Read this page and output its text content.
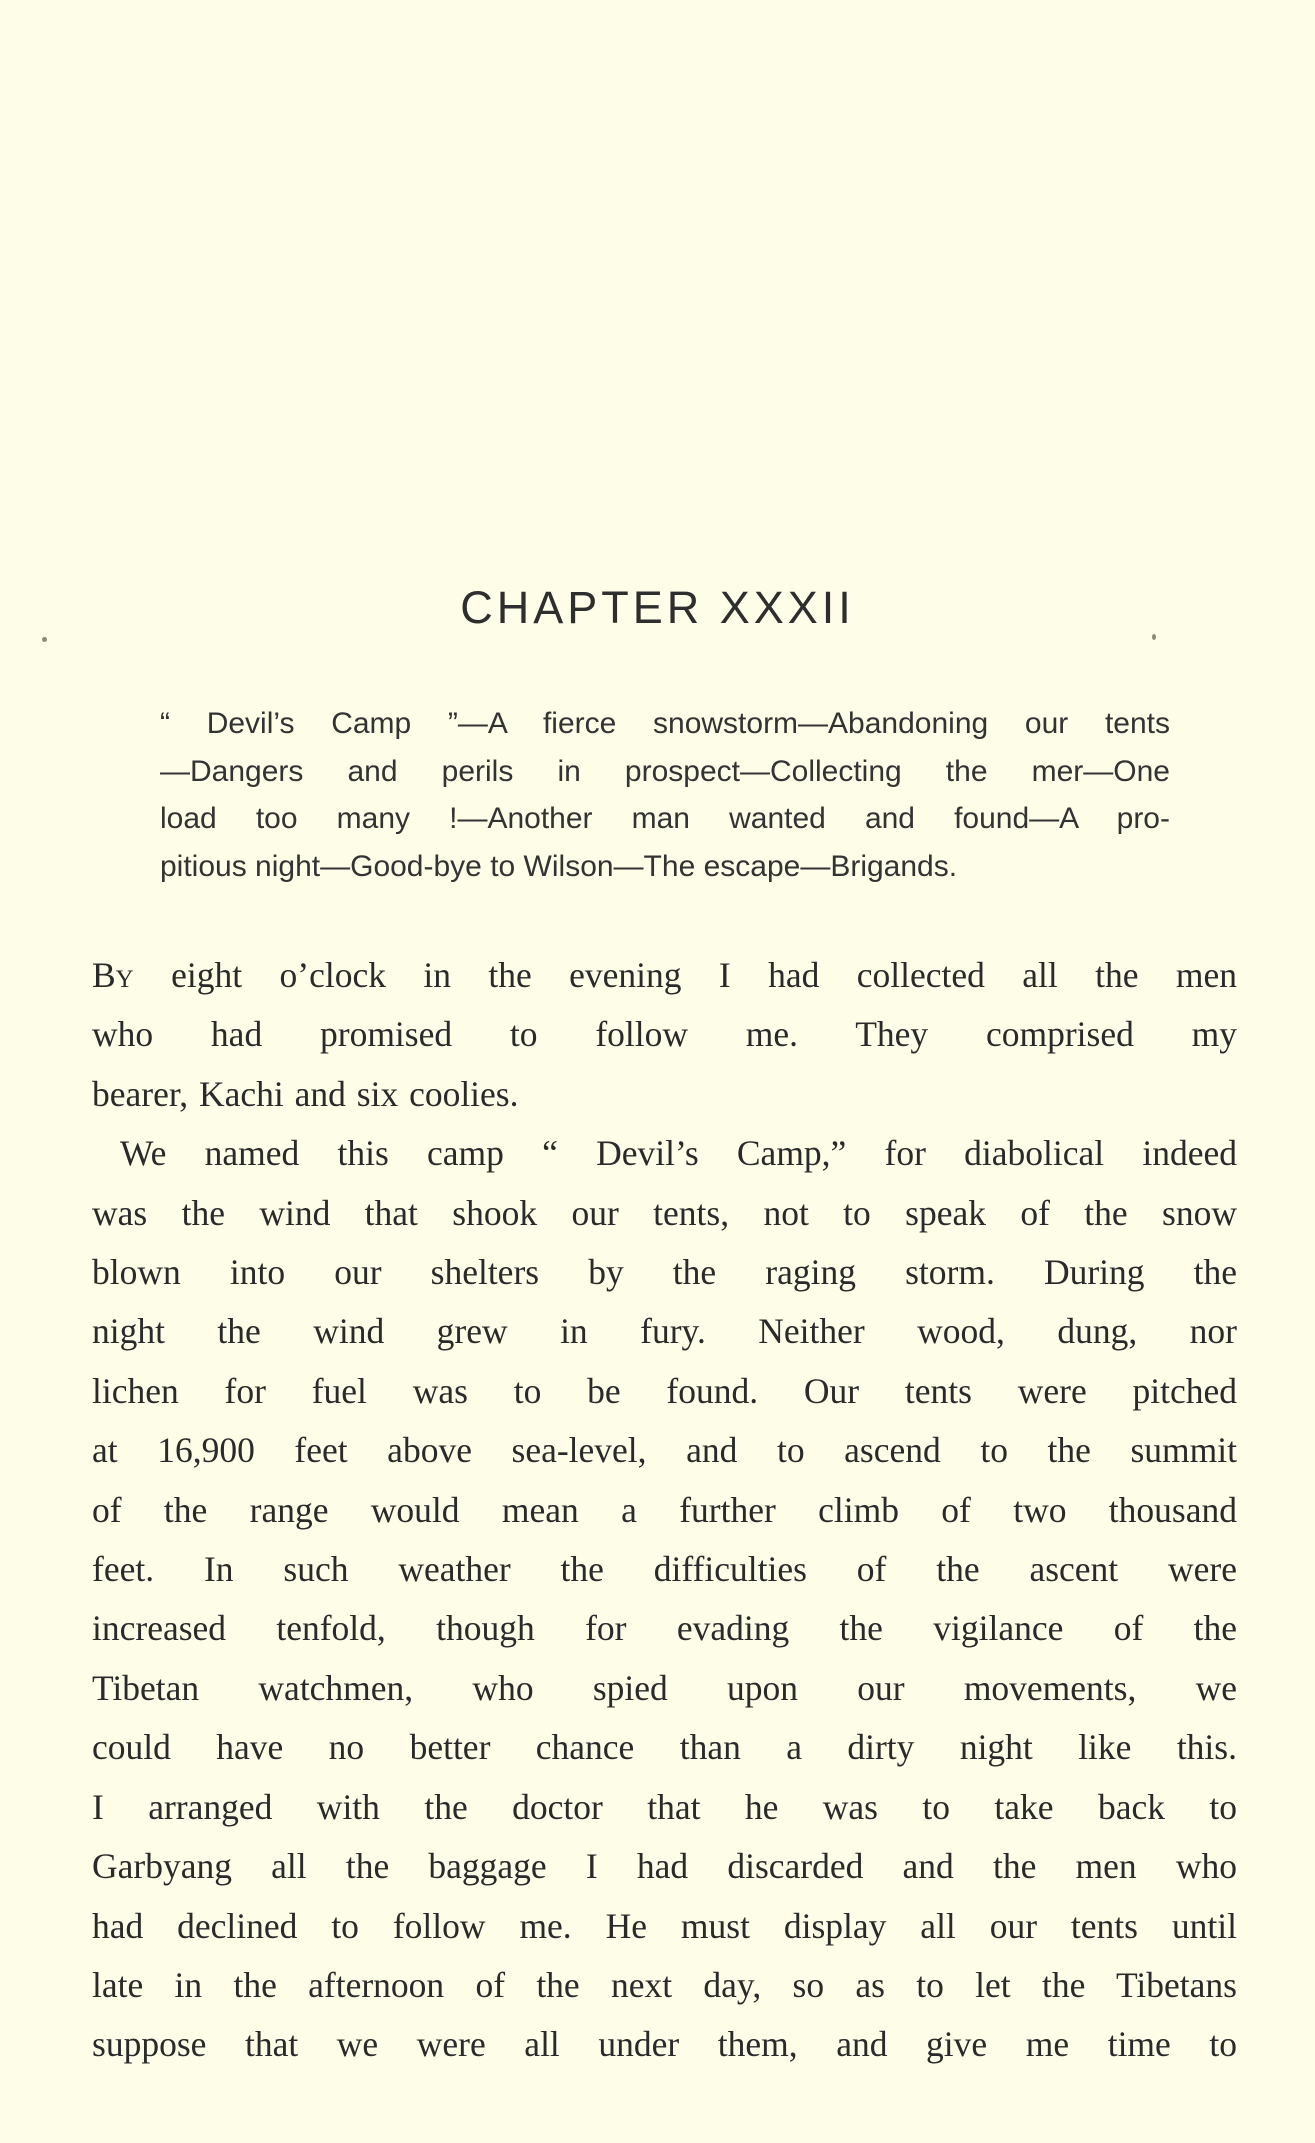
CHAPTER XXXII
“ Devil’s Camp ”—A fierce snowstorm—Abandoning our tents
—Dangers and perils in prospect—Collecting the mer—One
load too many !—Another man wanted and found—A pro-
pitious night—Good-bye to Wilson—The escape—Brigands.
By eight o’clock in the evening I had collected all the men
who had promised to follow me. They comprised my
bearer, Kachi and six coolies.
We named this camp “ Devil’s Camp,” for diabolical indeed
was the wind that shook our tents, not to speak of the snow
blown into our shelters by the raging storm. During the
night the wind grew in fury. Neither wood, dung, nor
lichen for fuel was to be found. Our tents were pitched
at 16,900 feet above sea-level, and to ascend to the summit
of the range would mean a further climb of two thousand
feet. In such weather the difficulties of the ascent were
increased tenfold, though for evading the vigilance of the
Tibetan watchmen, who spied upon our movements, we
could have no better chance than a dirty night like this.
I arranged with the doctor that he was to take back to
Garbyang all the baggage I had discarded and the men who
had declined to follow me. He must display all our tents until
late in the afternoon of the next day, so as to let the Tibetans
suppose that we were all under them, and give me time to
